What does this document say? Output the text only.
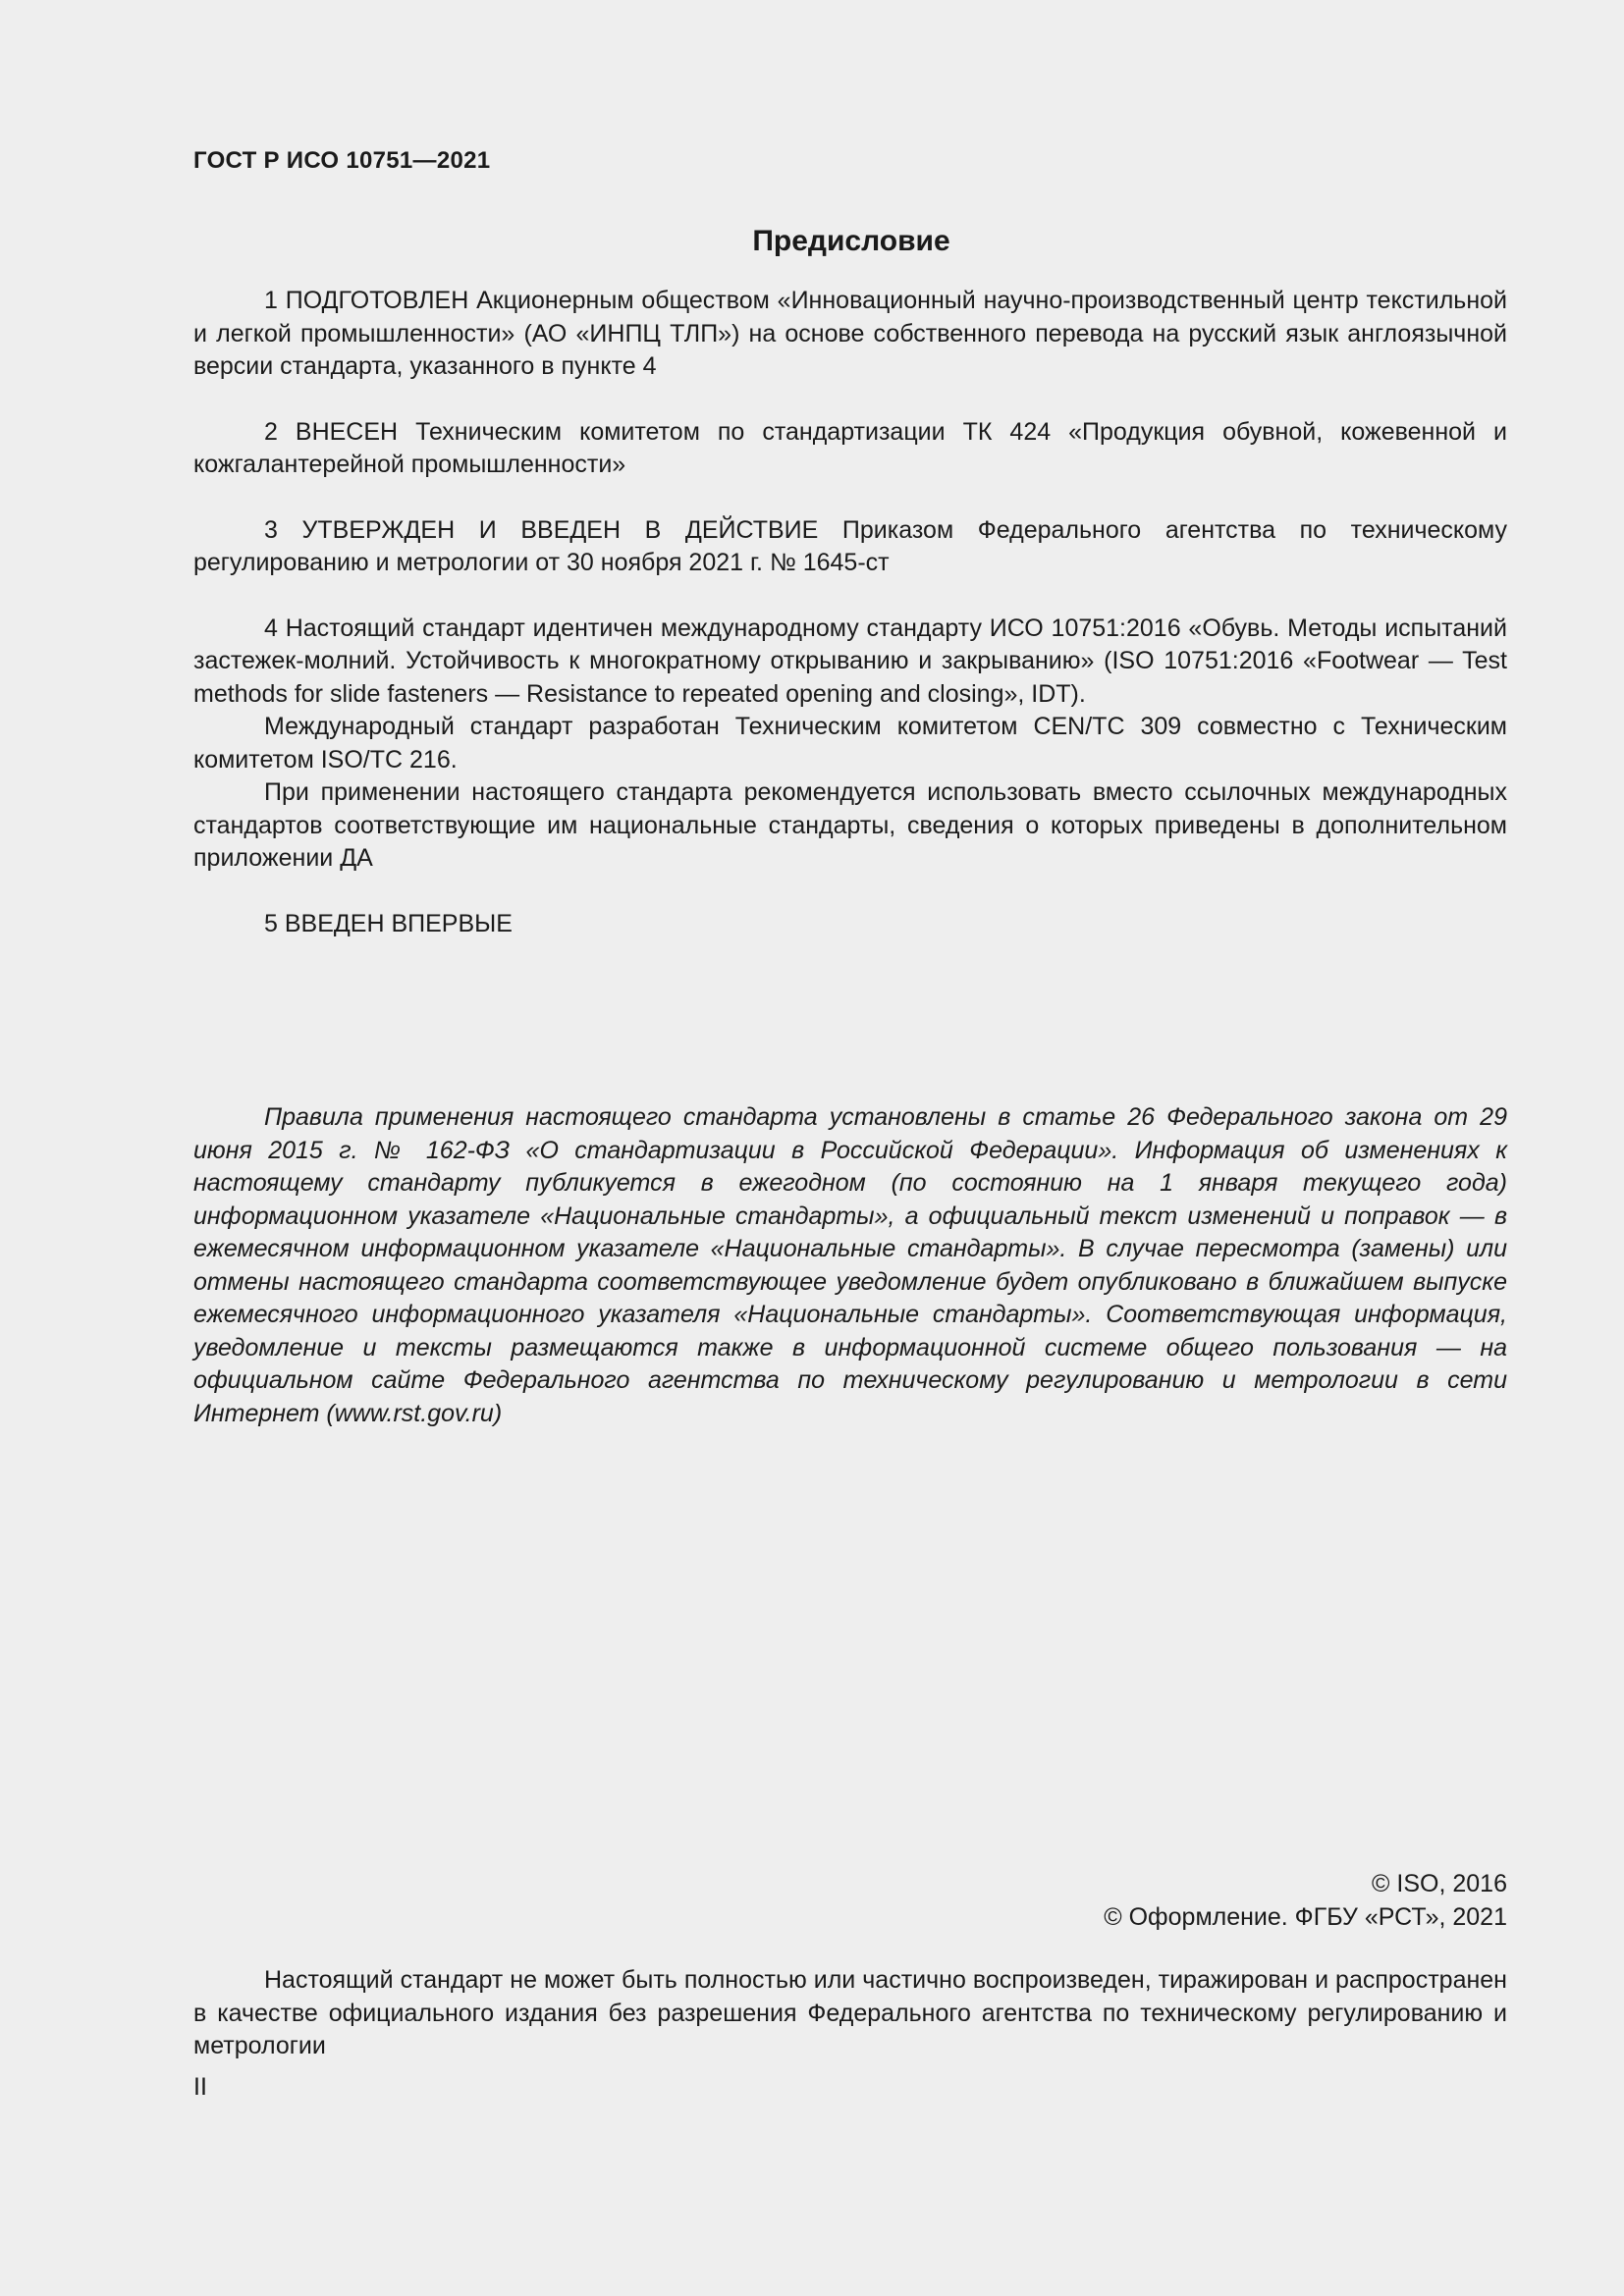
ГОСТ Р ИСО 10751—2021
Предисловие

1 ПОДГОТОВЛЕН Акционерным обществом «Инновационный научно-производственный центр текстильной и легкой промышленности» (АО «ИНПЦ ТЛП») на основе собственного перевода на русский язык англоязычной версии стандарта, указанного в пункте 4

2 ВНЕСЕН Техническим комитетом по стандартизации ТК 424 «Продукция обувной, кожевенной и кожгалантерейной промышленности»

3 УТВЕРЖДЕН И ВВЕДЕН В ДЕЙСТВИЕ Приказом Федерального агентства по техническому регулированию и метрологии от 30 ноября 2021 г. № 1645-ст

4 Настоящий стандарт идентичен международному стандарту ИСО 10751:2016 «Обувь. Методы испытаний застежек-молний. Устойчивость к многократному открыванию и закрыванию» (ISO 10751:2016 «Footwear — Test methods for slide fasteners — Resistance to repeated opening and closing», IDT).

Международный стандарт разработан Техническим комитетом CEN/TC 309 совместно с Техническим комитетом ISO/TC 216.

При применении настоящего стандарта рекомендуется использовать вместо ссылочных международных стандартов соответствующие им национальные стандарты, сведения о которых приведены в дополнительном приложении ДА

5 ВВЕДЕН ВПЕРВЫЕ

Правила применения настоящего стандарта установлены в статье 26 Федерального закона от 29 июня 2015 г. № 162-ФЗ «О стандартизации в Российской Федерации». Информация об изменениях к настоящему стандарту публикуется в ежегодном (по состоянию на 1 января текущего года) информационном указателе «Национальные стандарты», а официальный текст изменений и поправок — в ежемесячном информационном указателе «Национальные стандарты». В случае пересмотра (замены) или отмены настоящего стандарта соответствующее уведомление будет опубликовано в ближайшем выпуске ежемесячного информационного указателя «Национальные стандарты». Соответствующая информация, уведомление и тексты размещаются также в информационной системе общего пользования — на официальном сайте Федерального агентства по техническому регулированию и метрологии в сети Интернет (www.rst.gov.ru)

© ISO, 2016
© Оформление. ФГБУ «РСТ», 2021

Настоящий стандарт не может быть полностью или частично воспроизведен, тиражирован и распространен в качестве официального издания без разрешения Федерального агентства по техническому регулированию и метрологии

II
